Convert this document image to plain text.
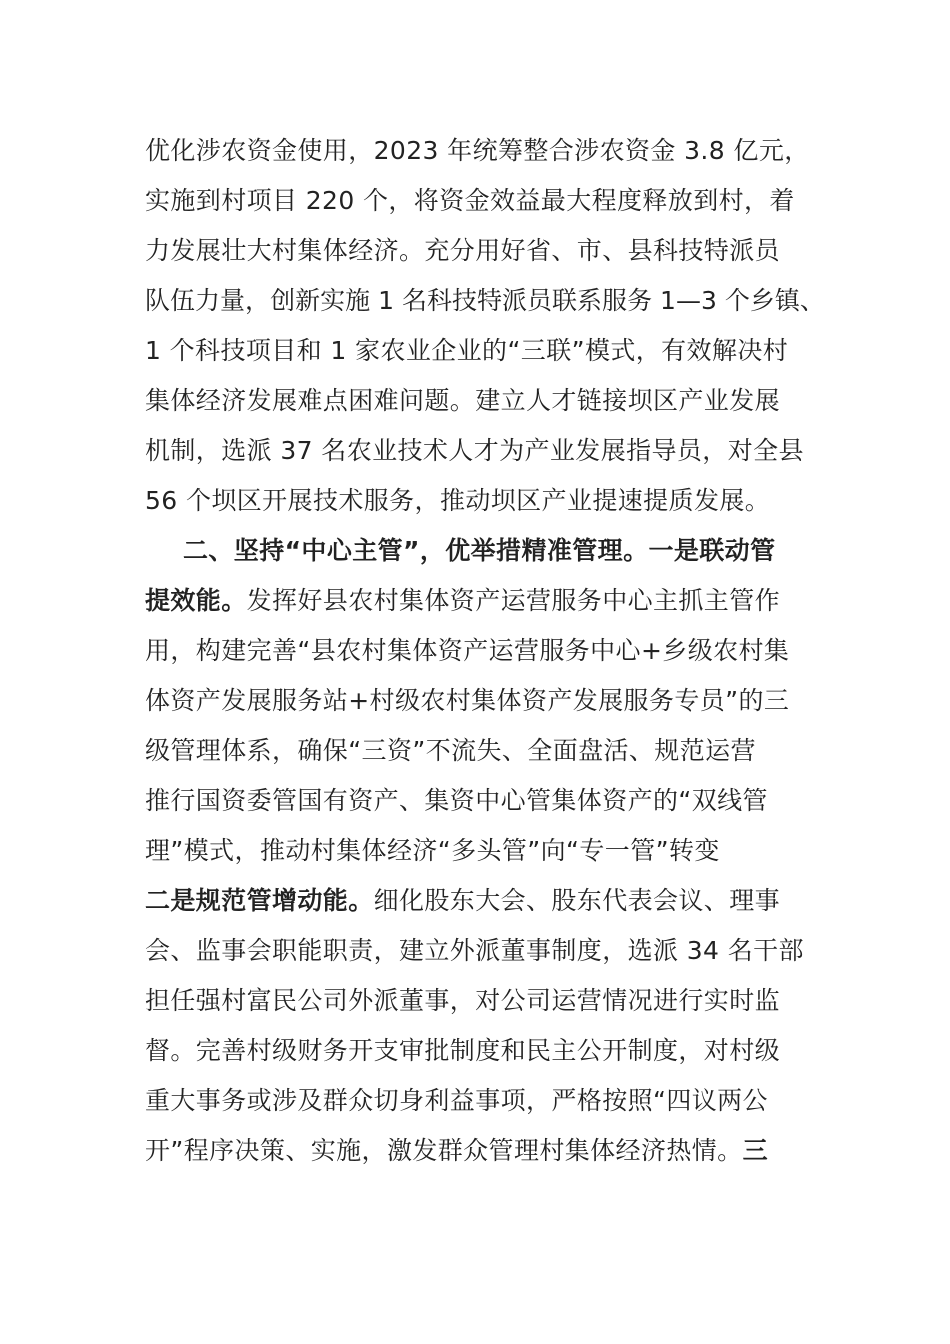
优化涉农资金使用，2023 年统筹整合涉农资金 3.8 亿元，
实施到村项目 220 个，将资金效益最大程度释放到村，着
力发展壮大村集体经济。充分用好省、市、县科技特派员
队伍力量，创新实施 1 名科技特派员联系服务 1—3 个乡镇、
1 个科技项目和 1 家农业企业的“三联”模式，有效解决村
集体经济发展难点困难问题。建立人才链接坝区产业发展
机制，选派 37 名农业技术人才为产业发展指导员，对全县
56 个坝区开展技术服务，推动坝区产业提速提质发展。
二、坚持“中心主管”，优举措精准管理。一是联动管
提效能。发挥好县农村集体资产运营服务中心主抓主管作
用，构建完善“县农村集体资产运营服务中心+乡级农村集
体资产发展服务站+村级农村集体资产发展服务专员”的三
级管理体系，确保“三资”不流失、全面盘活、规范运营
推行国资委管国有资产、集资中心管集体资产的“双线管
理”模式，推动村集体经济“多头管”向“专一管”转变
二是规范管增动能。细化股东大会、股东代表会议、理事
会、监事会职能职责，建立外派董事制度，选派 34 名干部
担任强村富民公司外派董事，对公司运营情况进行实时监
督。完善村级财务开支审批制度和民主公开制度，对村级
重大事务或涉及群众切身利益事项，严格按照“四议两公
开”程序决策、实施，激发群众管理村集体经济热情。三
